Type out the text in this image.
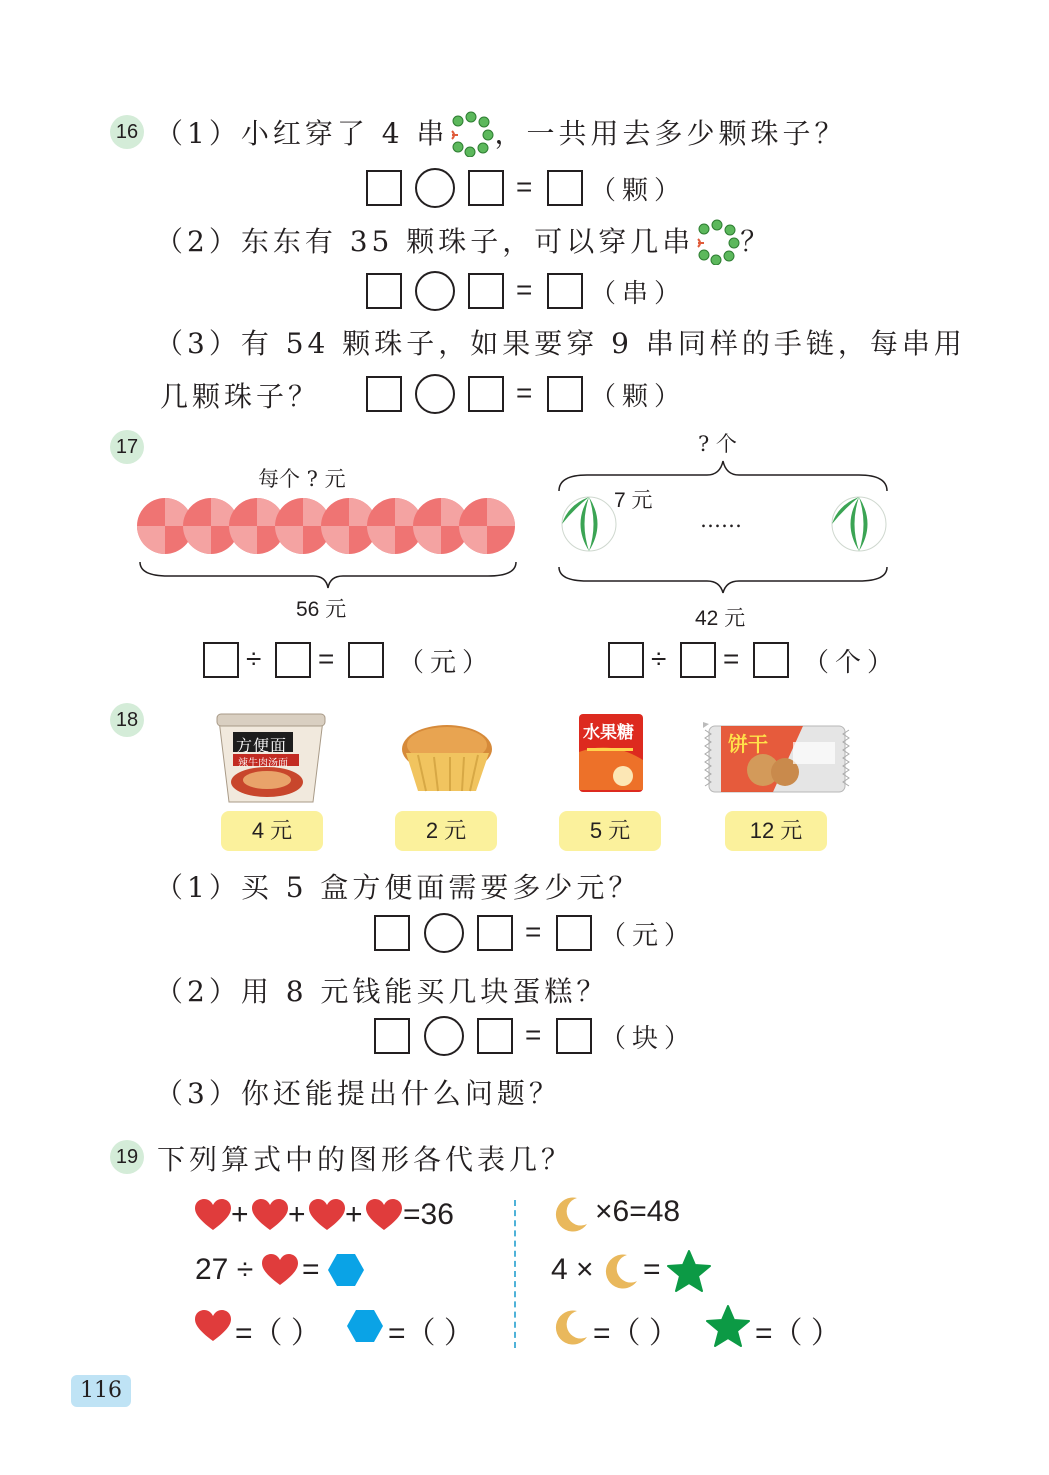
16 （1）小红穿了 4 串 ，一共用去多少颗珠子？
= （颗）
（2）东东有 35 颗珠子，可以穿几串 ？
= （串）
（3）有 54 颗珠子，如果要穿 9 串同样的手链，每串用
几颗珠子？	= （颗）
17
每个 ? 元
56 元
÷ = （元）
? 个
7 元
……
42 元
÷ = （个）
18
方便面
辣牛肉汤面
水果糖	饼干
4 元	2 元	5 元	12 元
（1）买 5 盒方便面需要多少元？
= （元）
（2）用 8 元钱能买几块蛋糕？
= （块）
（3）你还能提出什么问题？
19 下列算式中的图形各代表几？
+ + + =36
27 ÷ =
=（ ） =（ ）
×6=48
4 × =
=（ ）	=（ ）
116
